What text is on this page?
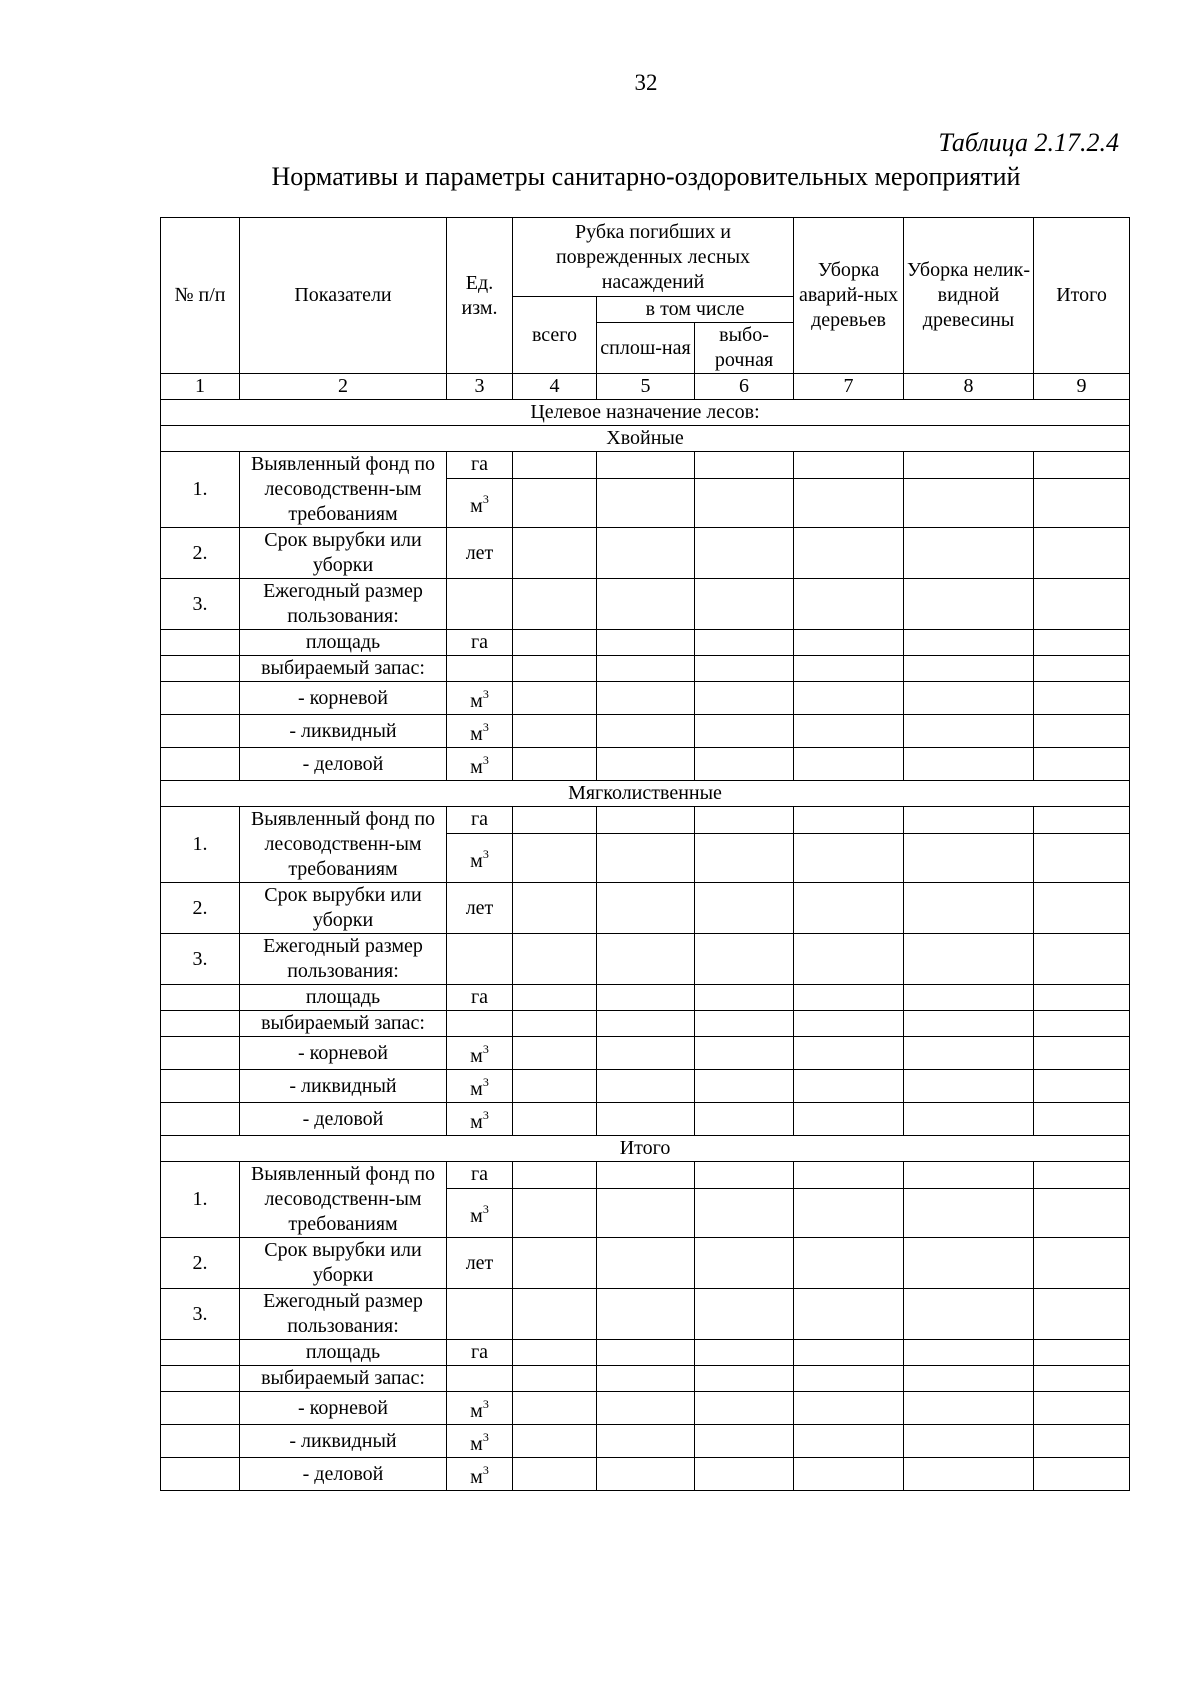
32
Таблица 2.17.2.4
Нормативы и параметры санитарно-оздоровительных мероприятий
№ п/п	Показатели	Ед. изм.	Рубка погибших и поврежденных лесных насаждений			Уборка аварий-ных деревьев	Уборка нелик-видной древесины	Итого
			всего	в том числе				
				сплош-ная	выбо-рочная			
1	2	3	4	5	6	7	8	9
Целевое назначение лесов:								
Хвойные								
1.	Выявленный фонд по лесоводственн-ым требованиям	га						
		м 3						
2.	Срок вырубки или уборки	лет						
3.	Ежегодный размер пользования:							
	площадь	га						
	выбираемый запас:							
	- корневой	м 3						
	- ликвидный	м 3						
	- деловой	м 3						
Мягколиственные								
1.	Выявленный фонд по лесоводственн-ым требованиям	га						
		м 3						
2.	Срок вырубки или уборки	лет						
3.	Ежегодный размер пользования:							
	площадь	га						
	выбираемый запас:							
	- корневой	м 3						
	- ликвидный	м 3						
	- деловой	м 3						
Итого								
1.	Выявленный фонд по лесоводственн-ым требованиям	га						
		м 3						
2.	Срок вырубки или уборки	лет						
3.	Ежегодный размер пользования:							
	площадь	га						
	выбираемый запас:							
	- корневой	м 3						
	- ликвидный	м 3						
	- деловой	м 3						
